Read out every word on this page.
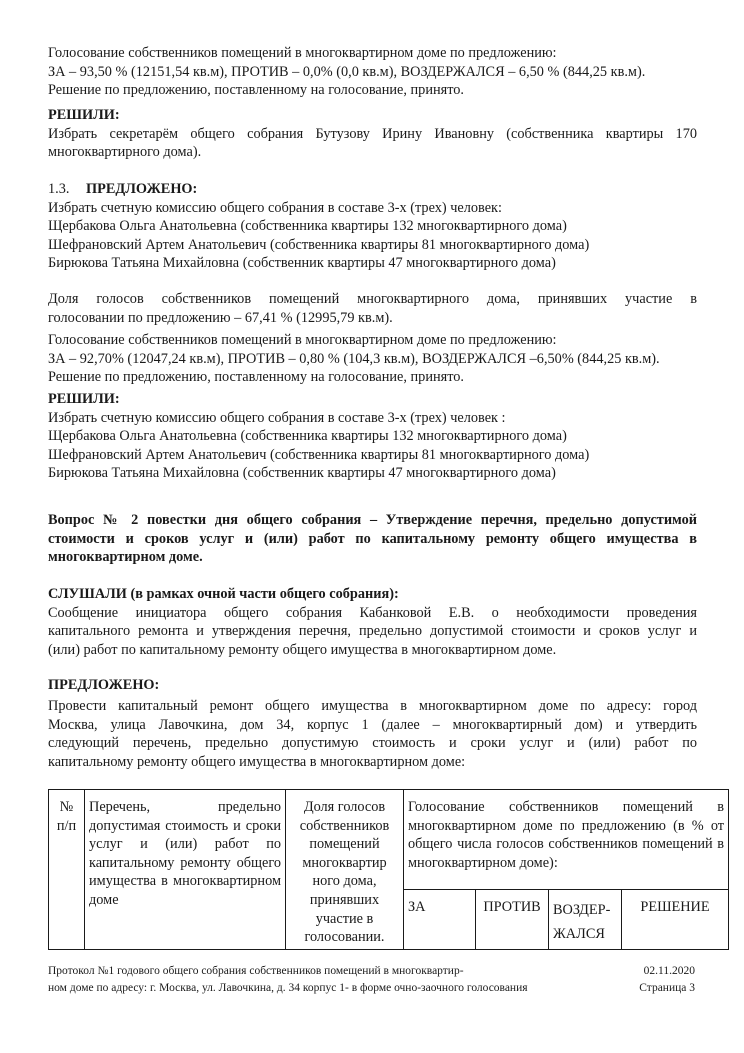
Голосование собственников помещений в многоквартирном доме по предложению:

ЗА – 93,50 % (12151,54 кв.м), ПРОТИВ – 0,0% (0,0 кв.м), ВОЗДЕРЖАЛСЯ – 6,50 % (844,25 кв.м).

Решение по предложению, поставленному на голосование, принято.

РЕШИЛИ:

Избрать секретарём общего собрания Бутузову Ирину Ивановну (собственника квартиры 170

многоквартирного дома).

1.3. ПРЕДЛОЖЕНО:

Избрать счетную комиссию общего собрания в составе 3-х (трех) человек:

Щербакова Ольга Анатольевна (собственника квартиры 132 многоквартирного дома)

Шефрановский Артем Анатольевич (собственника квартиры 81 многоквартирного дома)

Бирюкова Татьяна Михайловна (собственник квартиры 47 многоквартирного дома)

Доля голосов собственников помещений многоквартирного дома, принявших участие в

голосовании по предложению – 67,41 % (12995,79 кв.м).

Голосование собственников помещений в многоквартирном доме по предложению:

ЗА – 92,70% (12047,24 кв.м), ПРОТИВ – 0,80 % (104,3 кв.м), ВОЗДЕРЖАЛСЯ –6,50% (844,25 кв.м).

Решение по предложению, поставленному на голосование, принято.

РЕШИЛИ:

Избрать счетную комиссию общего собрания в составе 3-х (трех) человек :

Щербакова Ольга Анатольевна (собственника квартиры 132 многоквартирного дома)

Шефрановский Артем Анатольевич (собственника квартиры 81 многоквартирного дома)

Бирюкова Татьяна Михайловна (собственник квартиры 47 многоквартирного дома)

Вопрос № 2 повестки дня общего собрания – Утверждение перечня, предельно допустимой

стоимости и сроков услуг и (или) работ по капитальному ремонту общего имущества в

многоквартирном доме.

СЛУШАЛИ (в рамках очной части общего собрания):

Сообщение инициатора общего собрания Кабанковой Е.В. о необходимости проведения

капитального ремонта и утверждения перечня, предельно допустимой стоимости и сроков услуг и

(или) работ по капитальному ремонту общего имущества в многоквартирном доме.

ПРЕДЛОЖЕНО:

Провести капитальный ремонт общего имущества в многоквартирном доме по адресу: город

Москва, улица Лавочкина, дом 34, корпус 1 (далее – многоквартирный дом) и утвердить

следующий перечень, предельно допустимую стоимость и сроки услуг и (или) работ по

капитальному ремонту общего имущества в многоквартирном доме:

№ п/п	Перечень, предельно допустимая стоимость и сроки услуг и (или) работ по капитальному ремонту общего имущества в многоквартирном доме	Доля голосов собственников помещений многоквартир ного дома, принявших участие в голосовании.	Голосование собственников помещений в многоквартирном доме по предложению (в % от общего числа голосов собственников помещений в многоквартирном доме):			
			ЗА	ПРОТИВ	ВОЗДЕР-ЖАЛСЯ	РЕШЕНИЕ
Протокол №1 годового общего собрания собственников помещений в многоквартир-
ном доме по адресу: г. Москва, ул. Лавочкина, д. 34 корпус 1- в форме очно-заочного голосования
02.11.2020
Страница 3
